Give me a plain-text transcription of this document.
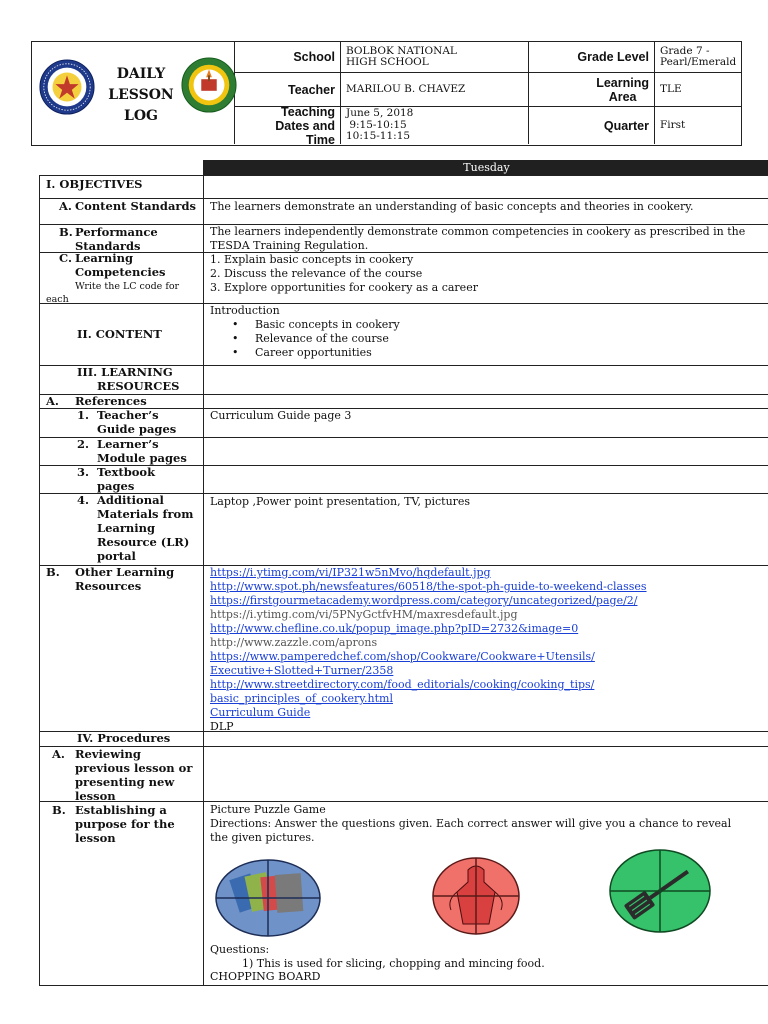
DAILY
LESSON
LOG
School BOLBOK NATIONAL
HIGH SCHOOL
Teacher MARILOU B. CHAVEZ
Teaching
Dates and
Time
June 5, 2018
9:15-10:15
10:15-11:15
Grade Level Grade 7 -
Pearl/Emerald
Learning
Area
TLE
Quarter First
Tuesday
I. OBJECTIVES
A. Content Standards The learners demonstrate an understanding of basic concepts and theories in cookery.
B. Performance
Standards
The learners independently demonstrate common competencies in cookery as prescribed in the
TESDA Training Regulation.
C. Learning
Competencies
Write the LC code for
each
1. Explain basic concepts in cookery
2. Discuss the relevance of the course
3. Explore opportunities for cookery as a career
II. CONTENT
Introduction
• Basic concepts in cookery
• Relevance of the course
• Career opportunities
III. LEARNING
RESOURCES
A. References
1. Teacher’s
Guide pages
Curriculum Guide page 3
2. Learner’s
Module pages
3. Textbook
pages
4. Additional
Materials from
Learning
Resource (LR)
portal
Laptop ,Power point presentation, TV, pictures
B. Other Learning
Resources
https://i.ytimg.com/vi/IP321w5nMvo/hqdefault.jpg
http://www.spot.ph/newsfeatures/60518/the-spot-ph-guide-to-weekend-classes
https://firstgourmetacademy.wordpress.com/category/uncategorized/page/2/
https://i.ytimg.com/vi/5PNyGctfvHM/maxresdefault.jpg
http://www.chefline.co.uk/popup_image.php?pID=2732&image=0
http://www.zazzle.com/aprons
https://www.pamperedchef.com/shop/Cookware/Cookware+Utensils/
Executive+Slotted+Turner/2358
http://www.streetdirectory.com/food_editorials/cooking/cooking_tips/
basic_principles_of_cookery.html
Curriculum Guide
DLP
IV. Procedures
A. Reviewing
previous lesson or
presenting new
lesson
B. Establishing a
purpose for the
lesson
Picture Puzzle Game
Directions: Answer the questions given. Each correct answer will give you a chance to reveal
the given pictures.
Questions:
1) This is used for slicing, chopping and mincing food.
CHOPPING BOARD
